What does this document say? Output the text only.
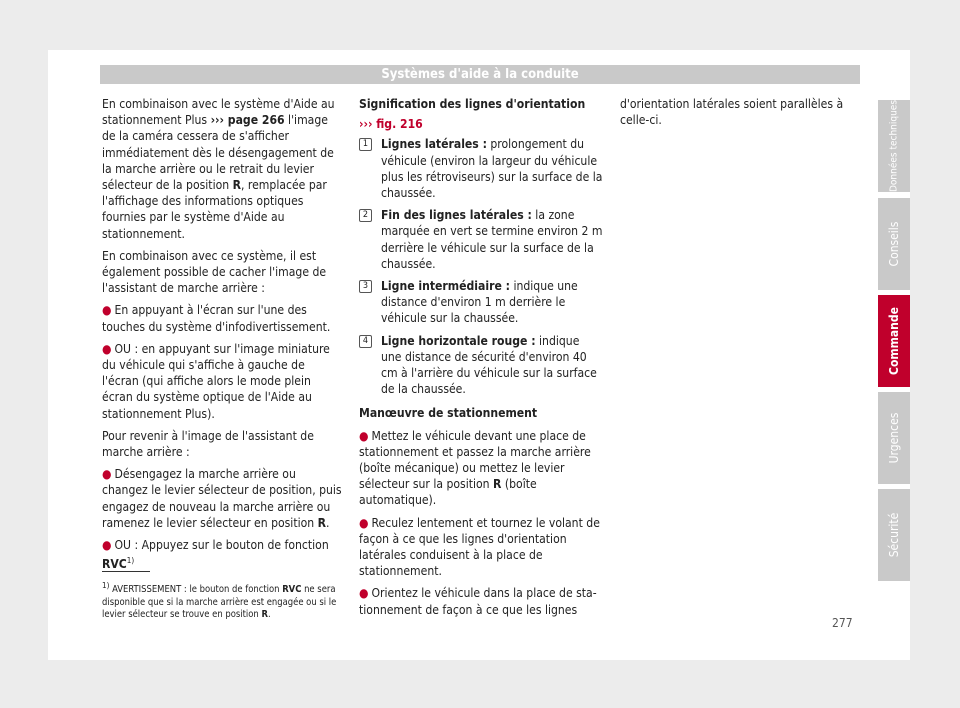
Systèmes d'aide à la conduite

En combinaison avec le système d'Aide au stationnement Plus ››› page 266 l'image de la caméra cessera de s'afficher immédiatement dès le désengagement de la marche arrière ou le retrait du levier sélecteur de la position R, remplacée par l'affichage des informations optiques fournies par le système d'Aide au stationnement.

En combinaison avec ce système, il est également possible de cacher l'image de l'assistant de marche arrière :

● En appuyant à l'écran sur l'une des touches du système d'infodivertissement.

● OU : en appuyant sur l'image miniature du véhicule qui s'affiche à gauche de l'écran (qui affiche alors le mode plein écran du système optique de l'Aide au stationnement Plus).

Pour revenir à l'image de l'assistant de marche arrière :

● Désengagez la marche arrière ou changez le levier sélecteur de position, puis engagez de nouveau la marche arrière ou ramenez le levier sélecteur en position R.

● OU : Appuyez sur le bouton de fonction
RVC$^{1)}$

Signification des lignes d'orientation

››› fig. 216

1	Lignes latérales : prolongement du véhicule (environ la largeur du véhicule plus les rétroviseurs) sur la surface de la chaussée.
2	Fin des lignes latérales : la zone marquée en vert se termine environ 2 m derrière le véhicule sur la surface de la chaussée.
3	Ligne intermédiaire : indique une distance d'environ 1 m derrière le véhicule sur la chaussée.
4	Ligne horizontale rouge : indique une distance de sécurité d'environ 40 cm à l'arrière du véhicule sur la surface de la chaussée.

Manœuvre de stationnement

● Mettez le véhicule devant une place de stationnement et passez la marche arrière (boîte mécanique) ou mettez le levier sélecteur sur la position R (boîte automatique).

● Reculez lentement et tournez le volant de façon à ce que les lignes d'orientation latérales conduisent à la place de stationnement.

● Orientez le véhicule dans la place de stationnement de façon à ce que les lignes

d'orientation latérales soient parallèles à celle-ci.

$^{1)}$ AVERTISSEMENT : le bouton de fonction RVC ne sera disponible que si la marche arrière est engagée ou si le levier sélecteur se trouve en position R.
277
Données techniques
Conseils
Commande
Urgences
Sécurité
